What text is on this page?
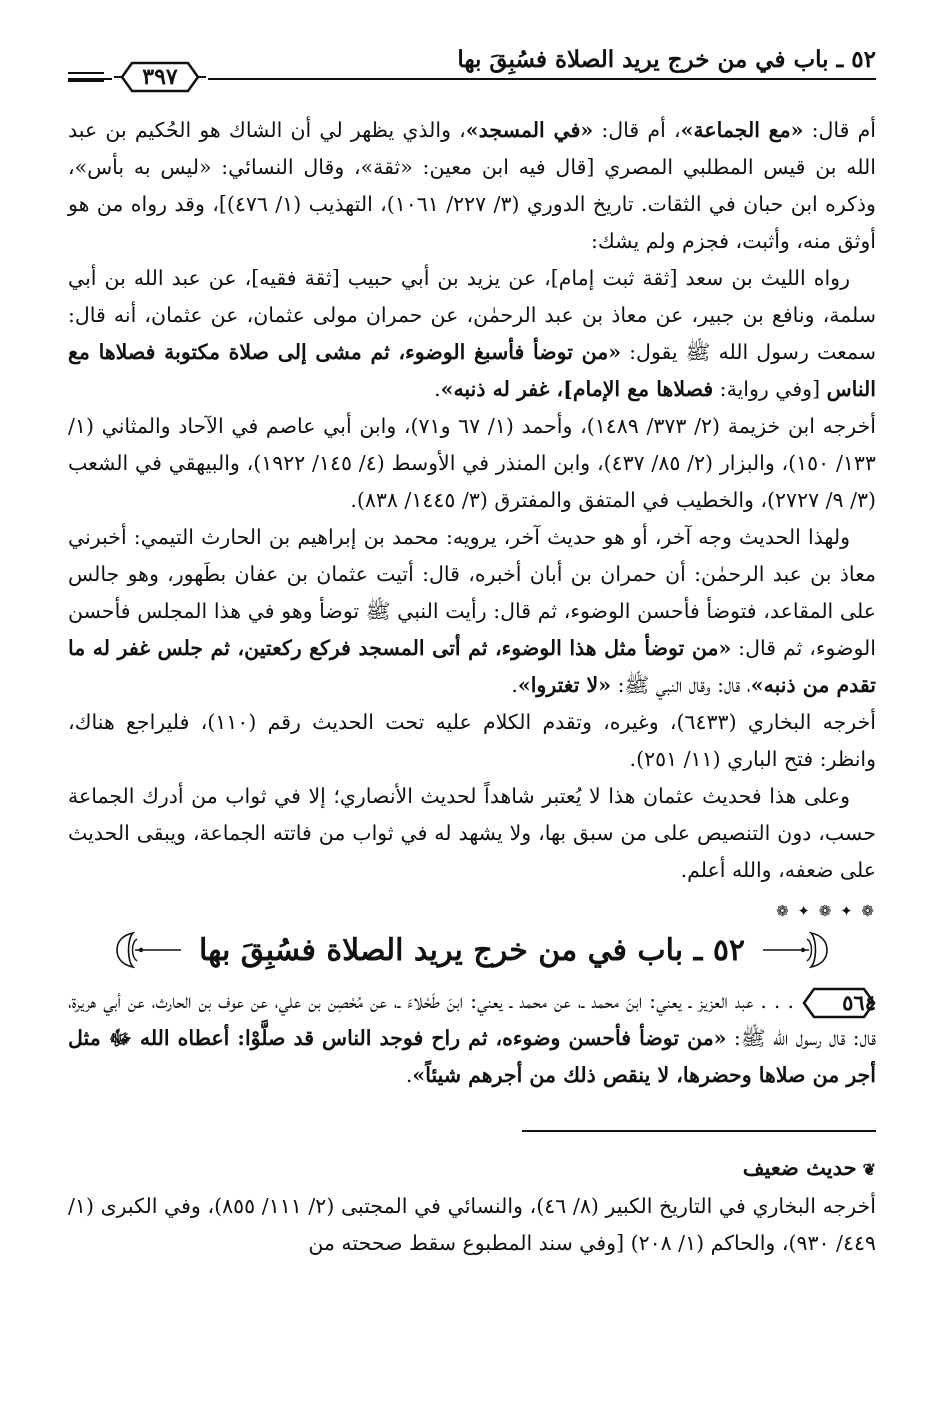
٥٢ ـ باب في من خرج يريد الصلاة فسُبِقَ بها
٣٩٧

أم قال: «مع الجماعة»، أم قال: «في المسجد»، والذي يظهر لي أن الشاك هو الحُكيم بن عبد الله بن قيس المطلبي المصري [قال فيه ابن معين: «ثقة»، وقال النسائي: «ليس به بأس»، وذكره ابن حبان في الثقات. تاريخ الدوري (٣/ ٢٢٧/ ١٠٦١)، التهذيب (١/ ٤٧٦)]، وقد رواه من هو أوثق منه، وأثبت، فجزم ولم يشك:

رواه الليث بن سعد [ثقة ثبت إمام]، عن يزيد بن أبي حبيب [ثقة فقيه]، عن عبد الله بن أبي سلمة، ونافع بن جبير، عن معاذ بن عبد الرحمٰن، عن حمران مولى عثمان، عن عثمان، أنه قال: سمعت رسول الله ﷺ يقول: «من توضأ فأسبغ الوضوء، ثم مشى إلى صلاة مكتوبة فصلاها مع الناس [وفي رواية: فصلاها مع الإمام]، غفر له ذنبه».

أخرجه ابن خزيمة (٢/ ٣٧٣/ ١٤٨٩)، وأحمد (١/ ٦٧ و٧١)، وابن أبي عاصم في الآحاد والمثاني (١/ ١٣٣/ ١٥٠)، والبزار (٢/ ٨٥/ ٤٣٧)، وابن المنذر في الأوسط (٤/ ١٤٥/ ١٩٢٢)، والبيهقي في الشعب (٣/ ٩/ ٢٧٢٧)، والخطيب في المتفق والمفترق (٣/ ١٤٤٥/ ٨٣٨).

ولهذا الحديث وجه آخر، أو هو حديث آخر، يرويه: محمد بن إبراهيم بن الحارث التيمي: أخبرني معاذ بن عبد الرحمٰن: أن حمران بن أبان أخبره، قال: أتيت عثمان بن عفان بطَهور، وهو جالس على المقاعد، فتوضأ فأحسن الوضوء، ثم قال: رأيت النبي ﷺ توضأ وهو في هذا المجلس فأحسن الوضوء، ثم قال: «من توضأ مثل هذا الوضوء، ثم أتى المسجد فركع ركعتين، ثم جلس غفر له ما تقدم من ذنبه»، قال: وقال النبي ﷺ: «لا تغتروا».

أخرجه البخاري (٦٤٣٣)، وغيره، وتقدم الكلام عليه تحت الحديث رقم (١١٠)، فليراجع هناك، وانظر: فتح الباري (١١/ ٢٥١).

وعلى هذا فحديث عثمان هذا لا يُعتبر شاهداً لحديث الأنصاري؛ إلا في ثواب من أدرك الجماعة حسب، دون التنصيص على من سبق بها، ولا يشهد له في ثواب من فاتته الجماعة، ويبقى الحديث على ضعفه، والله أعلم.

❁ ✦ ❁ ✦ ❁
٥٢ ـ باب في من خرج يريد الصلاة فسُبِقَ بها

٥٦٤
. . . عبد العزيز ـ يعني: ابنَ محمد ـ، عن محمد ـ يعني: ابنَ طَحْلاءَ ـ، عن مُحْصِن بن علي، عن عوف بن الحارث، عن أبي هريرة، قال: قال رسول الله ﷺ: «من توضأ فأحسن وضوءه، ثم راح فوجد الناس قد صلَّوْا: أعطاه الله ﷻ مثل أجر من صلاها وحضرها، لا ينقص ذلك من أجرهم شيئاً».

❦حديث ضعيف

أخرجه البخاري في التاريخ الكبير (٨/ ٤٦)، والنسائي في المجتبى (٢/ ١١١/ ٨٥٥)، وفي الكبرى (١/ ٤٤٩/ ٩٣٠)، والحاكم (١/ ٢٠٨) [وفي سند المطبوع سقط صححته من
